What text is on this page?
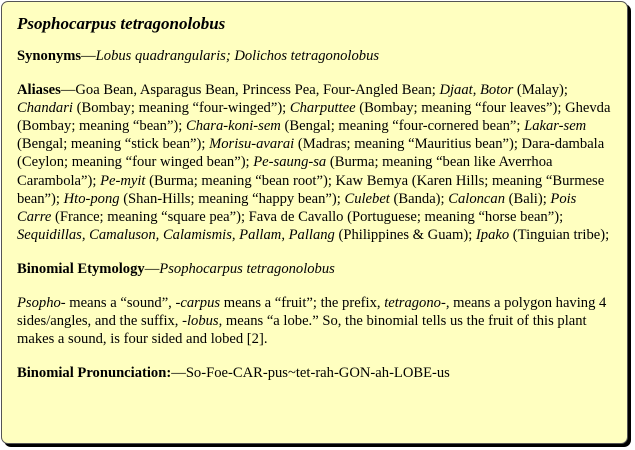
Psophocarpus tetragonolobus

Synonyms—Lobus quadrangularis; Dolichos tetragonolobus

Aliases—Goa Bean, Asparagus Bean, Princess Pea, Four-Angled Bean; Djaat, Botor (Malay); Chandari (Bombay; meaning “four-winged”); Charputtee (Bombay; meaning “four leaves”); Ghevda (Bombay; meaning “bean”); Chara-koni-sem (Bengal; meaning “four-cornered bean”; Lakar-sem (Bengal; meaning “stick bean”); Morisu-avarai (Madras; meaning “Mauritius bean”); Dara-dambala (Ceylon; meaning “four winged bean”); Pe-saung-sa (Burma; meaning “bean like Averrhoa Carambola”); Pe-myit (Burma; meaning “bean root”); Kaw Bemya (Karen Hills; meaning “Burmese bean”); Hto-pong (Shan-Hills; meaning “happy bean”); Culebet (Banda); Caloncan (Bali); Pois Carre (France; meaning “square pea”); Fava de Cavallo (Portuguese; meaning “horse bean”); Sequidillas, Camaluson, Calamismis, Pallam, Pallang (Philippines & Guam); Ipako (Tinguian tribe);

Binomial Etymology—Psophocarpus tetragonolobus

Psopho- means a “sound”, -carpus means a “fruit”; the prefix, tetragono-, means a polygon having 4 sides/angles, and the suffix, -lobus, means “a lobe.” So, the binomial tells us the fruit of this plant makes a sound, is four sided and lobed [2].

Binomial Pronunciation:—So-Foe-CAR-pus~tet-rah-GON-ah-LOBE-us
